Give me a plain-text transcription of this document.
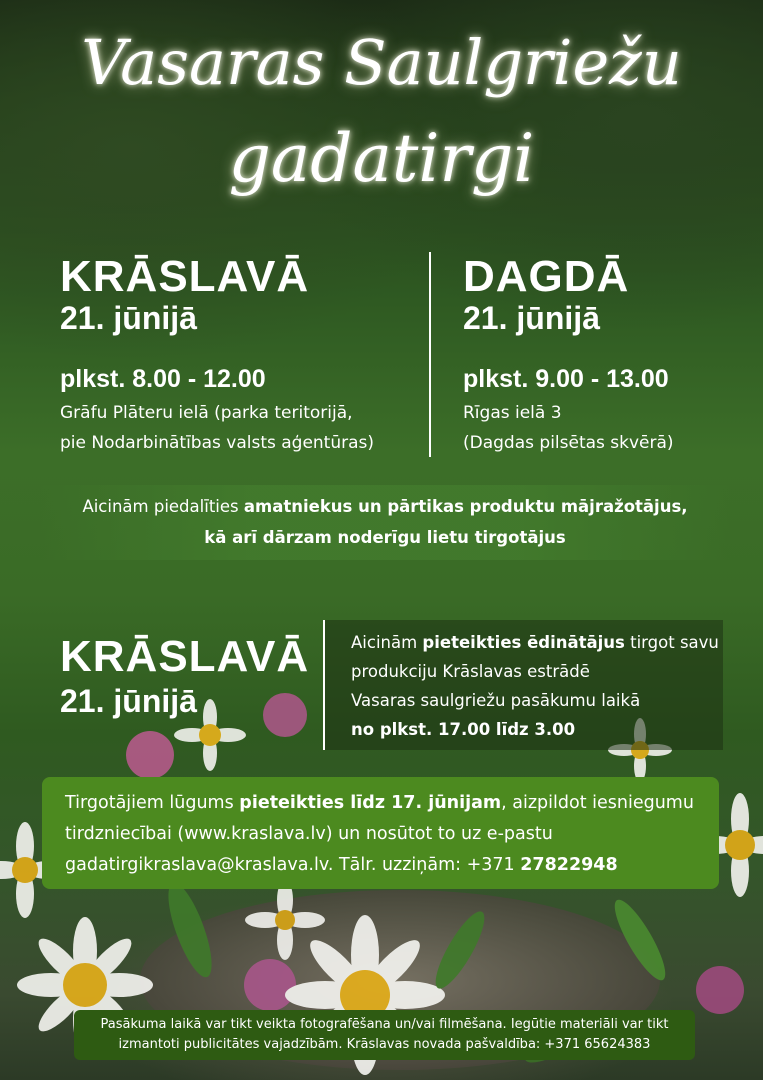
Vasaras Saulgriežu
gadatirgi
KRĀSLAVĀ
21. jūnijā
plkst. 8.00 - 12.00
Grāfu Plāteru ielā (parka teritorijā,
pie Nodarbinātības valsts aģentūras)
DAGDĀ
21. jūnijā
plkst. 9.00 - 13.00
Rīgas ielā 3
(Dagdas pilsētas skvērā)
Aicinām piedalīties amatniekus un pārtikas produktu mājražotājus,
kā arī dārzam noderīgu lietu tirgotājus
KRĀSLAVĀ
21. jūnijā
Aicinām pieteikties ēdinātājus tirgot savu
produkciju Krāslavas estrādē
Vasaras saulgriežu pasākumu laikā
no plkst. 17.00 līdz 3.00
Tirgotājiem lūgums pieteikties līdz 17. jūnijam, aizpildot iesniegumu
tirdzniecībai (www.kraslava.lv) un nosūtot to uz e-pastu
gadatirgikraslava@kraslava.lv. Tālr. uzziņām: +371 27822948
Pasākuma laikā var tikt veikta fotografēšana un/vai filmēšana. Iegūtie materiāli var tikt
izmantoti publicitātes vajadzībām. Krāslavas novada pašvaldība: +371 65624383
